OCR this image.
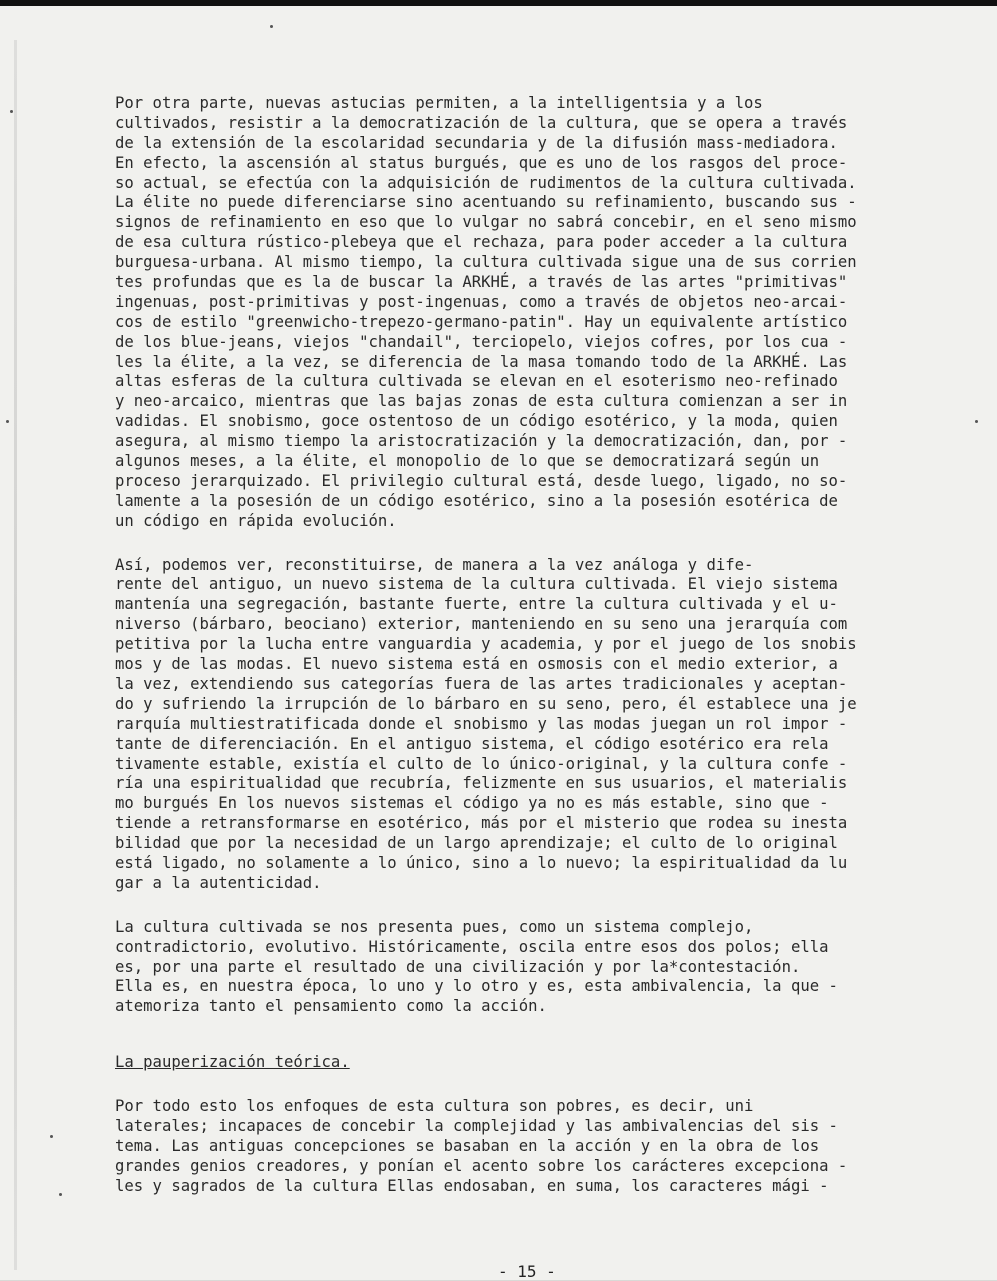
Por otra parte, nuevas astucias permiten, a la intelligentsia y a los
cultivados, resistir a la democratización de la cultura, que se opera a través
de la extensión de la escolaridad secundaria y de la difusión mass-mediadora.
En efecto, la ascensión al status burgués, que es uno de los rasgos del proce-
so actual, se efectúa con la adquisición de rudimentos de la cultura cultivada.
La élite no puede diferenciarse sino acentuando su refinamiento, buscando sus -
signos de refinamiento en eso que lo vulgar no sabrá concebir, en el seno mismo
de esa cultura rústico-plebeya que el rechaza, para poder acceder a la cultura
burguesa-urbana. Al mismo tiempo, la cultura cultivada sigue una de sus corrien
tes profundas que es la de buscar la ARKHÉ, a través de las artes "primitivas"
ingenuas, post-primitivas y post-ingenuas, como a través de objetos neo-arcai-
cos de estilo "greenwicho-trepezo-germano-patin". Hay un equivalente artístico
de los blue-jeans, viejos "chandail", terciopelo, viejos cofres, por los cua -
les la élite, a la vez, se diferencia de la masa tomando todo de la ARKHÉ. Las
altas esferas de la cultura cultivada se elevan en el esoterismo neo-refinado
y neo-arcaico, mientras que las bajas zonas de esta cultura comienzan a ser in
vadidas. El snobismo, goce ostentoso de un código esotérico, y la moda, quien
asegura, al mismo tiempo la aristocratización y la democratización, dan, por -
algunos meses, a la élite, el monopolio de lo que se democratizará según un
proceso jerarquizado. El privilegio cultural está, desde luego, ligado, no so-
lamente a la posesión de un código esotérico, sino a la posesión esotérica de
un código en rápida evolución.
Así, podemos ver, reconstituirse, de manera a la vez análoga y dife-
rente del antiguo, un nuevo sistema de la cultura cultivada. El viejo sistema
mantenía una segregación, bastante fuerte, entre la cultura cultivada y el u-
niverso (bárbaro, beociano) exterior, manteniendo en su seno una jerarquía com
petitiva por la lucha entre vanguardia y academia, y por el juego de los snobis
mos y de las modas. El nuevo sistema está en osmosis con el medio exterior, a
la vez, extendiendo sus categorías fuera de las artes tradicionales y aceptan-
do y sufriendo la irrupción de lo bárbaro en su seno, pero, él establece una je
rarquía multiestratificada donde el snobismo y las modas juegan un rol impor -
tante de diferenciación. En el antiguo sistema, el código esotérico era rela
tivamente estable, existía el culto de lo único-original, y la cultura confe -
ría una espiritualidad que recubría, felizmente en sus usuarios, el materialis
mo burgués En los nuevos sistemas el código ya no es más estable, sino que -
tiende a retransformarse en esotérico, más por el misterio que rodea su inesta
bilidad que por la necesidad de un largo aprendizaje; el culto de lo original
está ligado, no solamente a lo único, sino a lo nuevo; la espiritualidad da lu
gar a la autenticidad.
La cultura cultivada se nos presenta pues, como un sistema complejo,
contradictorio, evolutivo. Históricamente, oscila entre esos dos polos; ella
es, por una parte el resultado de una civilización y por la*contestación.
Ella es, en nuestra época, lo uno y lo otro y es, esta ambivalencia, la que -
atemoriza tanto el pensamiento como la acción.
La pauperización teórica.
Por todo esto los enfoques de esta cultura son pobres, es decir, uni
laterales; incapaces de concebir la complejidad y las ambivalencias del sis -
tema. Las antiguas concepciones se basaban en la acción y en la obra de los
grandes genios creadores, y ponían el acento sobre los carácteres excepciona -
les y sagrados de la cultura Ellas endosaban, en suma, los caracteres mági -
- 15 -
